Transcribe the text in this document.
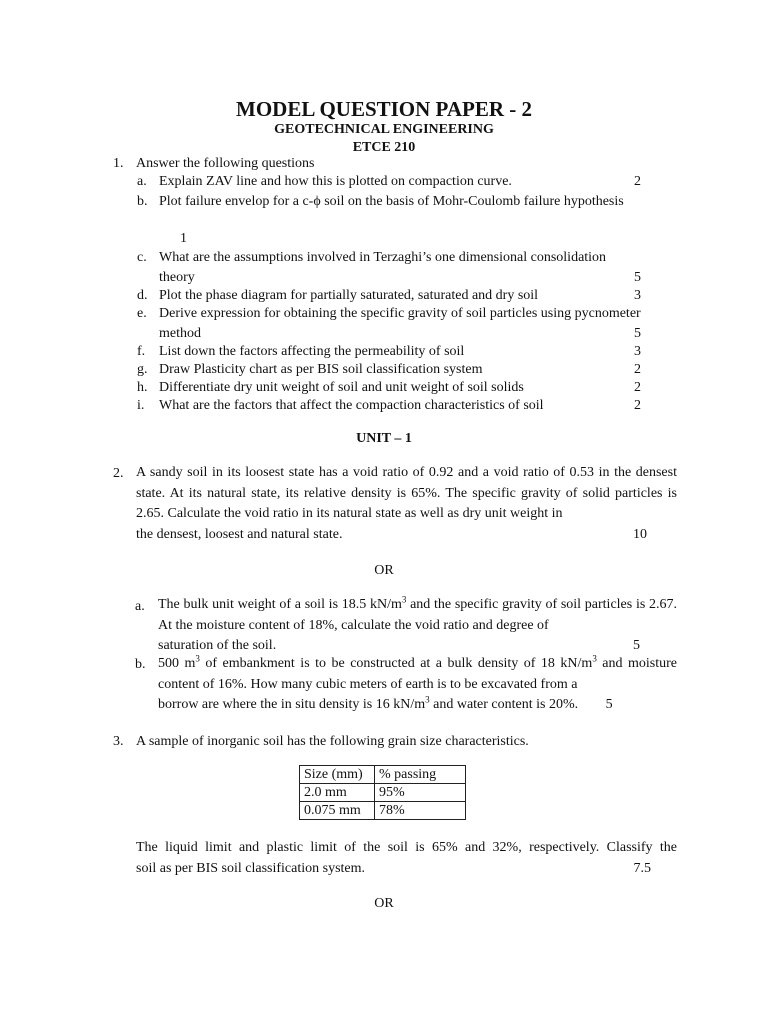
MODEL QUESTION PAPER - 2
GEOTECHNICAL ENGINEERING
ETCE 210
1. Answer the following questions
a. Explain ZAV line and how this is plotted on compaction curve.	2
b. Plot failure envelop for a c-ϕ soil on the basis of Mohr-Coulomb failure hypothesis
1
c. What are the assumptions involved in Terzaghi’s one dimensional consolidation
theory	5
d. Plot the phase diagram for partially saturated, saturated and dry soil	3
e. Derive expression for obtaining the specific gravity of soil particles using pycnometer
method	5
f. List down the factors affecting the permeability of soil	3
g. Draw Plasticity chart as per BIS soil classification system	2
h. Differentiate dry unit weight of soil and unit weight of soil solids	2
i. What are the factors that affect the compaction characteristics of soil	2
UNIT – 1
2. A sandy soil in its loosest state has a void ratio of 0.92 and a void ratio of 0.53 in the densest state. At its natural state, its relative density is 65%. The specific gravity of solid particles is 2.65. Calculate the void ratio in its natural state as well as dry unit weight in
the densest, loosest and natural state.	10
OR
a. The bulk unit weight of a soil is 18.5 $kN/m^3$ and the specific gravity of soil particles is 2.67. At the moisture content of 18%, calculate the void ratio and degree of
saturation of the soil.	5
b. 500 $m^3$ of embankment is to be constructed at a bulk density of 18 $kN/m^3$ and moisture content of 16%. How many cubic meters of earth is to be excavated from a
borrow are where the in situ density is 16 $kN/m^3$ and water content is 20%. 5
3. A sample of inorganic soil has the following grain size characteristics.
Size (mm)	% passing
2.0 mm	95%
0.075 mm	78%
The liquid limit and plastic limit of the soil is 65% and 32%, respectively. Classify the
soil as per BIS soil classification system.	7.5
OR
